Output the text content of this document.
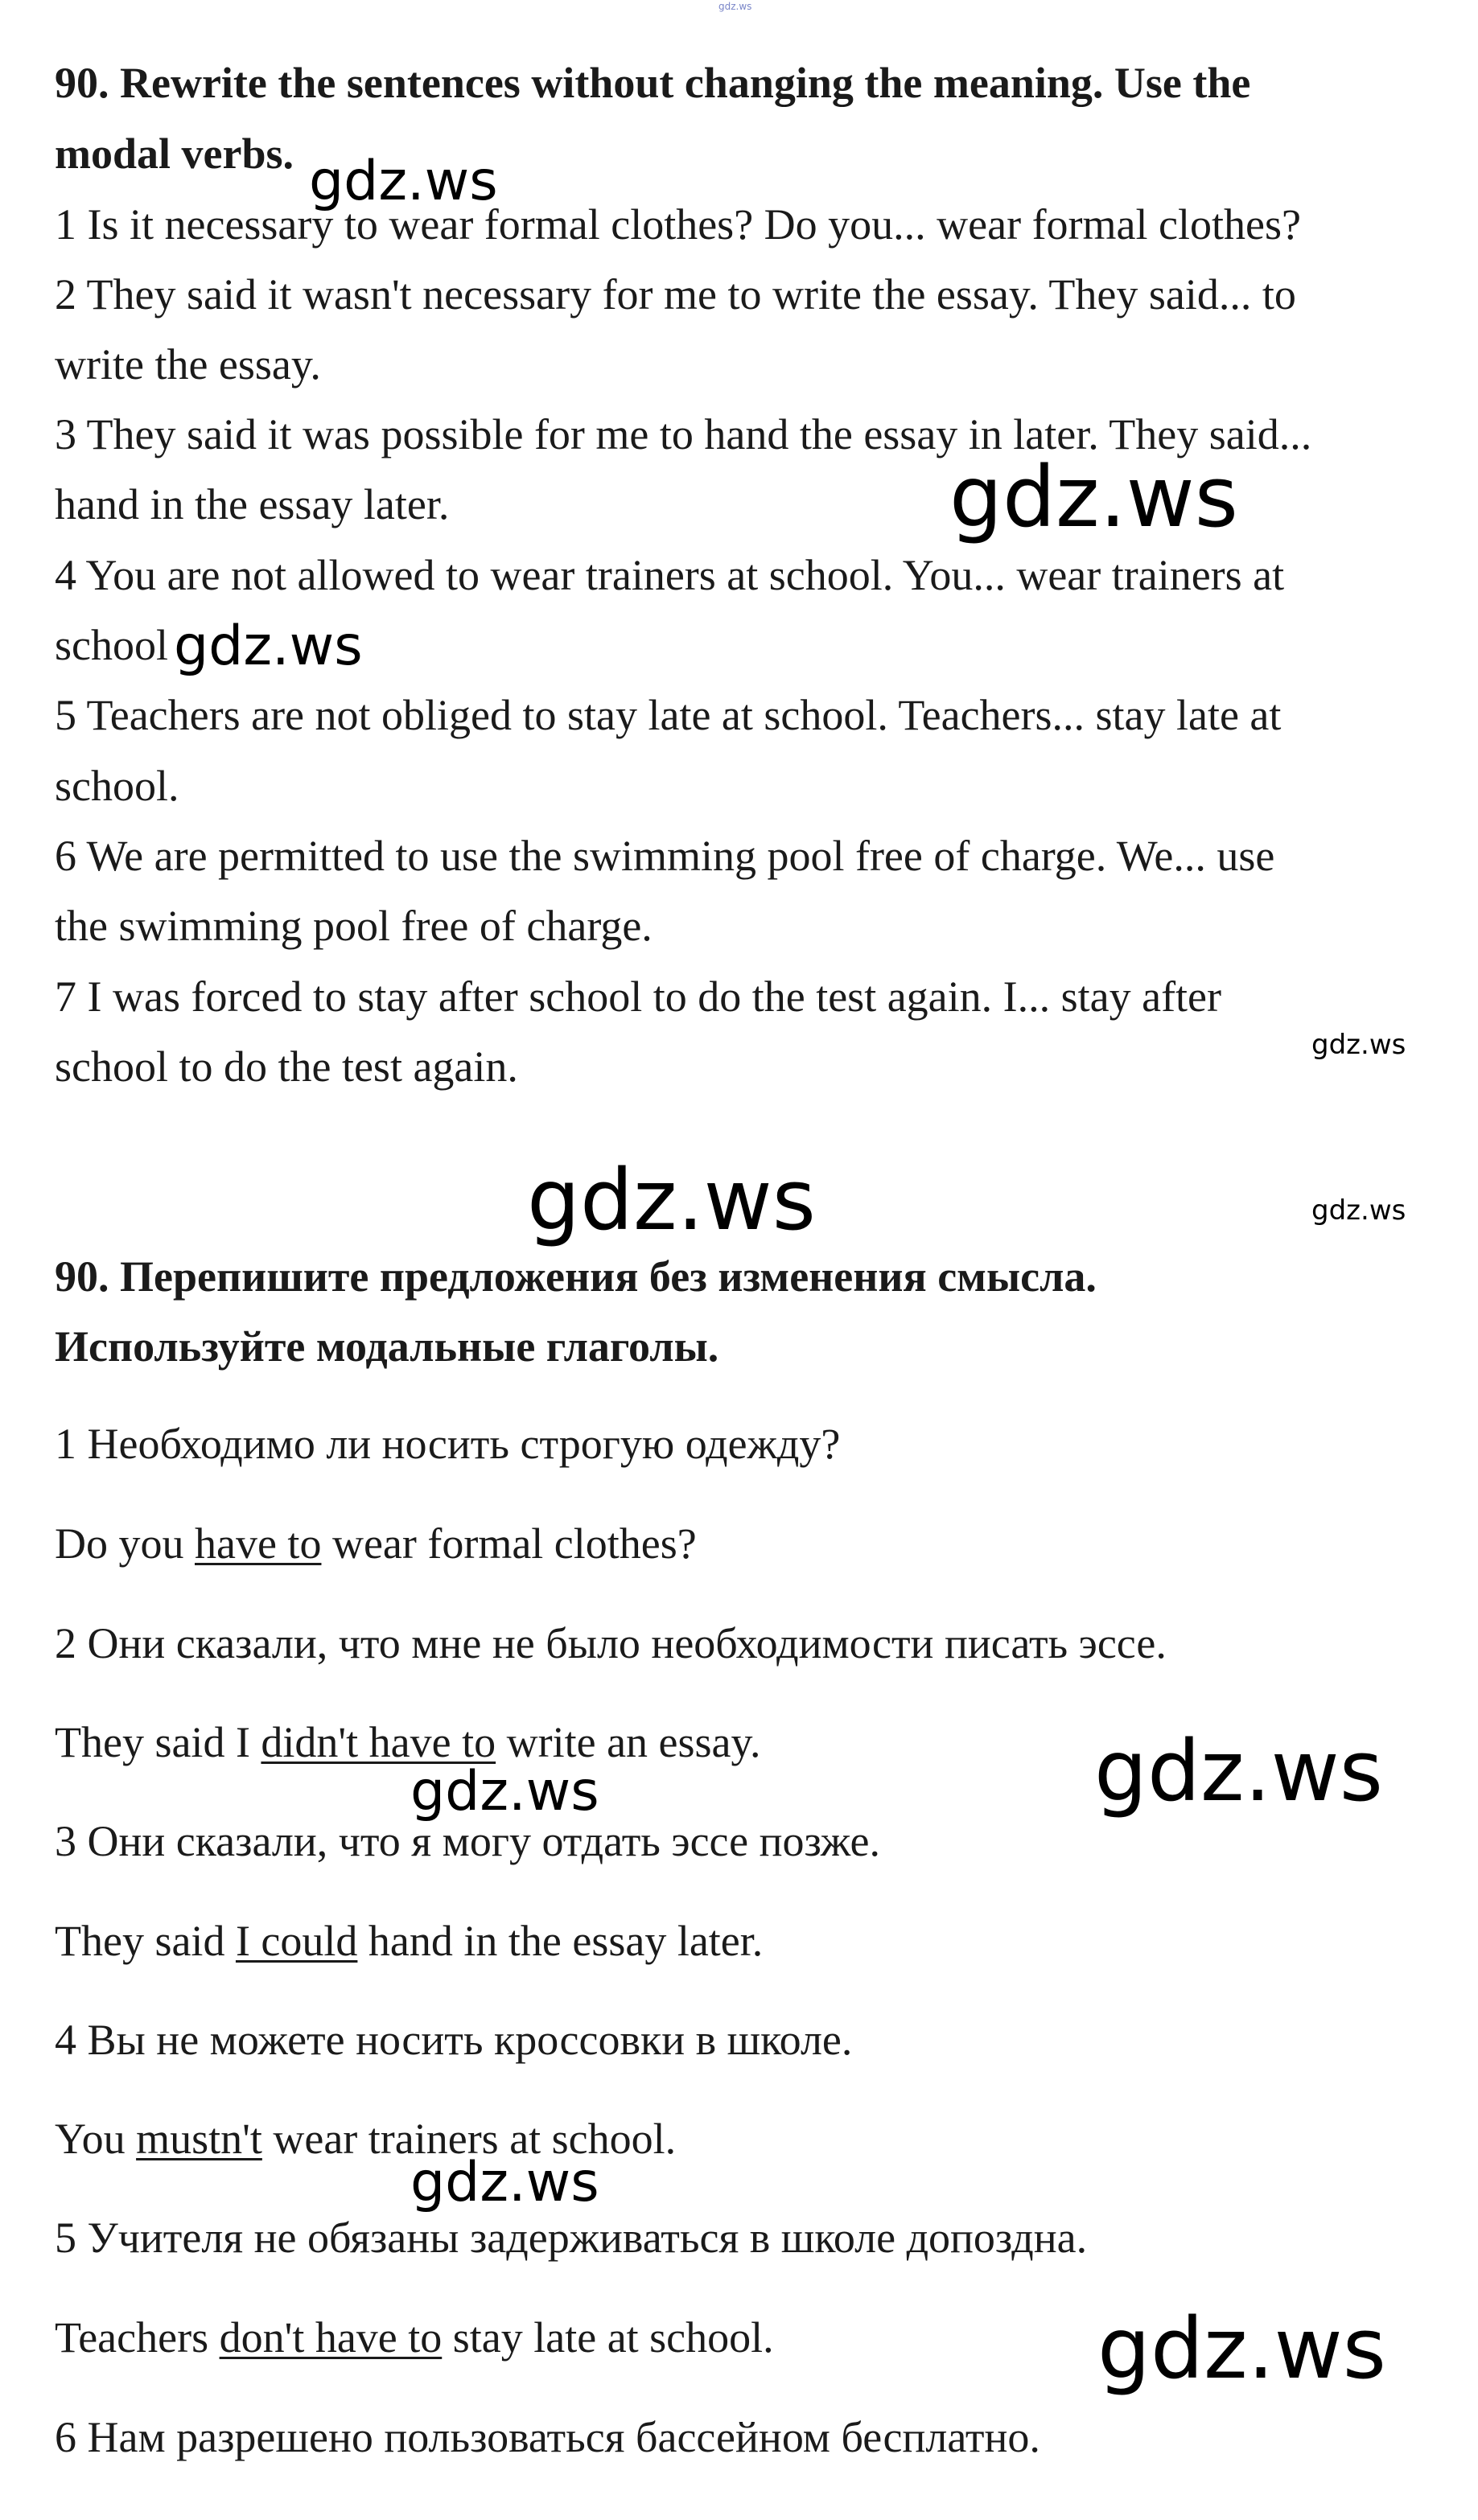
90. Rewrite the sentences without changing the meaning. Use the
modal verbs.
1 Is it necessary to wear formal clothes? Do you... wear formal clothes?
2 They said it wasn't necessary for me to write the essay. They said... to
write the essay.
3 They said it was possible for me to hand the essay in later. They said...
hand in the essay later.
4 You are not allowed to wear trainers at school. You... wear trainers at
school
5 Teachers are not obliged to stay late at school. Teachers... stay late at
school.
6 We are permitted to use the swimming pool free of charge. We... use
the swimming pool free of charge.
7 I was forced to stay after school to do the test again. I... stay after
school to do the test again.
90. Перепишите предложения без изменения смысла.
Используйте модальные глаголы.
1 Необходимо ли носить строгую одежду?
Do you have to wear formal clothes?
2 Они сказали, что мне не было необходимости писать эссе.
They said I didn't have to write an essay.
3 Они сказали, что я могу отдать эссе позже.
They said I could hand in the essay later.
4 Вы не можете носить кроссовки в школе.
You mustn't wear trainers at school.
5 Учителя не обязаны задерживаться в школе допоздна.
Teachers don't have to stay late at school.
6 Нам разрешено пользоваться бассейном бесплатно.
gdz.ws
gdz.ws
gdz.ws
gdz.ws
gdz.ws
gdz.ws	gdz.ws
gdz.ws
gdz.ws
gdz.ws
gdz.ws
